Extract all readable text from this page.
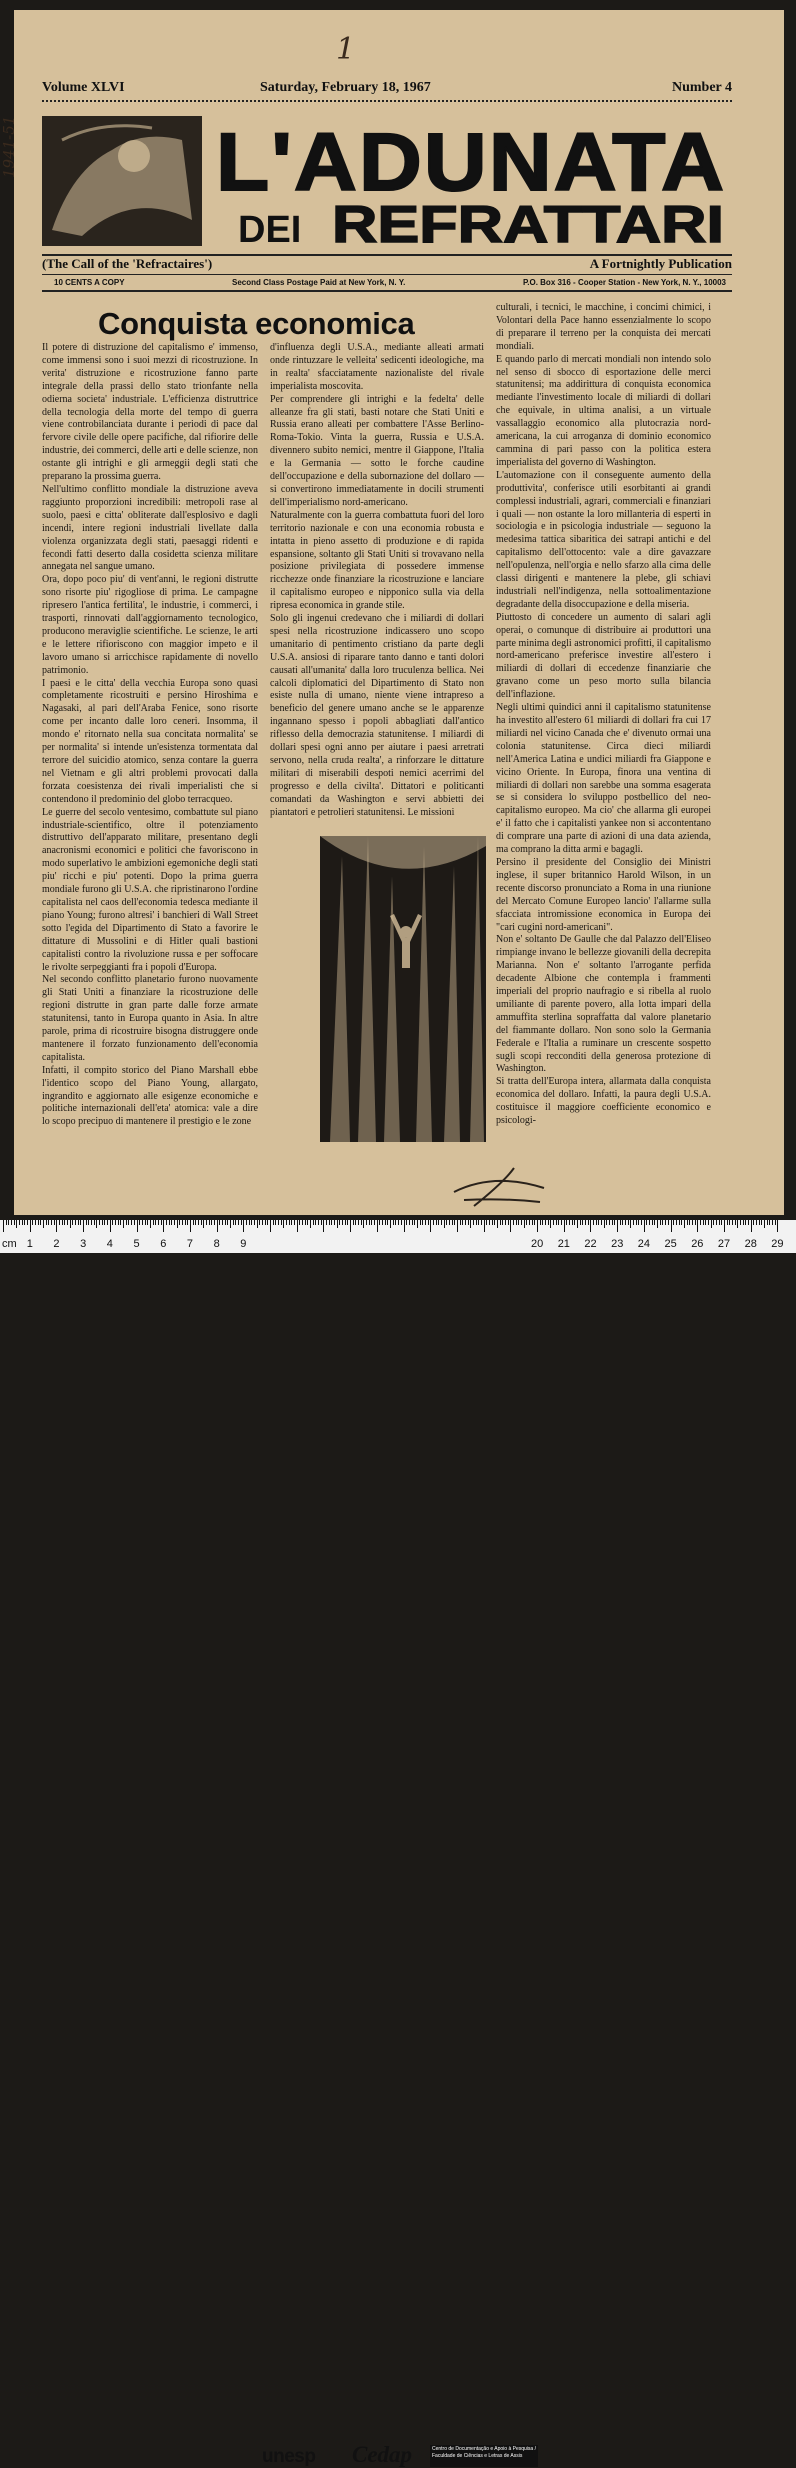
1
1941-51
Volume XLVI	Saturday, February 18, 1967	Number 4
L'ADUNATA
DEI REFRATTARI
(The Call of the 'Refractaires')	A Fortnightly Publication
10 CENTS A COPY	Second Class Postage Paid at New York, N. Y.	P.O. Box 316 - Cooper Station - New York, N. Y., 10003
Conquista economica
Il potere di distruzione del capitalismo e' immenso, come immensi sono i suoi mezzi di ricostruzione. In verita' distruzione e ricostruzione fanno parte integrale della prassi dello stato trionfante nella odierna societa' industriale. L'efficienza distruttrice della tecnologia della morte del tempo di guerra viene controbilanciata durante i periodi di pace dal fervore civile delle opere pacifiche, dal rifiorire delle industrie, dei commerci, delle arti e delle scienze, non ostante gli intrighi e gli armeggii degli stati che preparano la prossima guerra.
Nell'ultimo conflitto mondiale la distruzione aveva raggiunto proporzioni incredibili: metropoli rase al suolo, paesi e citta' obliterate dall'esplosivo e dagli incendi, intere regioni industriali livellate dalla violenza organizzata degli stati, paesaggi ridenti e fecondi fatti deserto dalla cosidetta scienza militare annegata nel sangue umano.
Ora, dopo poco piu' di vent'anni, le regioni distrutte sono risorte piu' rigogliose di prima. Le campagne ripresero l'antica fertilita', le industrie, i commerci, i trasporti, rinnovati dall'aggiornamento tecnologico, producono meraviglie scientifiche. Le scienze, le arti e le lettere rifioriscono con maggior impeto e il lavoro umano si arricchisce rapidamente di novello patrimonio.
I paesi e le citta' della vecchia Europa sono quasi completamente ricostruiti e persino Hiroshima e Nagasaki, al pari dell'Araba Fenice, sono risorte come per incanto dalle loro ceneri. Insomma, il mondo e' ritornato nella sua concitata normalita' se per normalita' si intende un'esistenza tormentata dal terrore del suicidio atomico, senza contare la guerra nel Vietnam e gli altri problemi provocati dalla forzata coesistenza dei rivali imperialisti che si contendono il predominio del globo terracqueo.
Le guerre del secolo ventesimo, combattute sul piano industriale-scientifico, oltre il potenziamento distruttivo dell'apparato militare, presentano degli anacronismi economici e politici che favoriscono in modo superlativo le ambizioni egemoniche degli stati piu' ricchi e piu' potenti. Dopo la prima guerra mondiale furono gli U.S.A. che ripristinarono l'ordine capitalista nel caos dell'economia tedesca mediante il piano Young; furono altresi' i banchieri di Wall Street sotto l'egida del Dipartimento di Stato a favorire le dittature di Mussolini e di Hitler quali bastioni capitalisti contro la rivoluzione russa e per soffocare le rivolte serpeggianti fra i popoli d'Europa.
Nel secondo conflitto planetario furono nuovamente gli Stati Uniti a finanziare la ricostruzione delle regioni distrutte in gran parte dalle forze armate statunitensi, tanto in Europa quanto in Asia. In altre parole, prima di ricostruire bisogna distruggere onde mantenere il forzato funzionamento dell'economia capitalista.
Infatti, il compito storico del Piano Marshall ebbe l'identico scopo del Piano Young, allargato, ingrandito e aggiornato alle esigenze economiche e politiche internazionali dell'eta' atomica: vale a dire lo scopo precipuo di mantenere il prestigio e le zone
d'influenza degli U.S.A., mediante alleati armati onde rintuzzare le velleita' sedicenti ideologiche, ma in realta' sfacciatamente nazionaliste del rivale imperialista moscovita.
Per comprendere gli intrighi e la fedelta' delle alleanze fra gli stati, basti notare che Stati Uniti e Russia erano alleati per combattere l'Asse Berlino-Roma-Tokio. Vinta la guerra, Russia e U.S.A. divennero subito nemici, mentre il Giappone, l'Italia e la Germania — sotto le forche caudine dell'occupazione e della subornazione del dollaro — si convertirono immediatamente in docili strumenti dell'imperialismo nord-americano.
Naturalmente con la guerra combattuta fuori del loro territorio nazionale e con una economia robusta e intatta in pieno assetto di produzione e di rapida espansione, soltanto gli Stati Uniti si trovavano nella posizione privilegiata di possedere immense ricchezze onde finanziare la ricostruzione e lanciare il capitalismo europeo e nipponico sulla via della ripresa economica in grande stile.
Solo gli ingenui credevano che i miliardi di dollari spesi nella ricostruzione indicassero uno scopo umanitario di pentimento cristiano da parte degli U.S.A. ansiosi di riparare tanto danno e tanti dolori causati all'umanita' dalla loro truculenza bellica. Nei calcoli diplomatici del Dipartimento di Stato non esiste nulla di umano, niente viene intrapreso a beneficio del genere umano anche se le apparenze ingannano spesso i popoli abbagliati dall'antico riflesso della democrazia statunitense. I miliardi di dollari spesi ogni anno per aiutare i paesi arretrati servono, nella cruda realta', a rinforzare le dittature militari di miserabili despoti nemici acerrimi del progresso e della civilta'. Dittatori e politicanti comandati da Washington e servi abbietti dei piantatori e petrolieri statunitensi. Le missioni
culturali, i tecnici, le macchine, i concimi chimici, i Volontari della Pace hanno essenzialmente lo scopo di preparare il terreno per la conquista dei mercati mondiali.
E quando parlo di mercati mondiali non intendo solo nel senso di sbocco di esportazione delle merci statunitensi; ma addirittura di conquista economica mediante l'investimento locale di miliardi di dollari che equivale, in ultima analisi, a un virtuale vassallaggio economico alla plutocrazia nord-americana, la cui arroganza di dominio economico cammina di pari passo con la politica estera imperialista del governo di Washington.
L'automazione con il conseguente aumento della produttivita', conferisce utili esorbitanti ai grandi complessi industriali, agrari, commerciali e finanziari i quali — non ostante la loro millanteria di esperti in sociologia e in psicologia industriale — seguono la medesima tattica sibaritica dei satrapi antichi e del capitalismo dell'ottocento: vale a dire gavazzare nell'opulenza, nell'orgia e nello sfarzo alla cima delle classi dirigenti e mantenere la plebe, gli schiavi industriali nell'indigenza, nella sottoalimentazione degradante della disoccupazione e della miseria.
Piuttosto di concedere un aumento di salari agli operai, o comunque di distribuire ai produttori una parte minima degli astronomici profitti, il capitalismo nord-americano preferisce investire all'estero i miliardi di dollari di eccedenze finanziarie che gravano come un peso morto sulla bilancia dell'inflazione.
Negli ultimi quindici anni il capitalismo statunitense ha investito all'estero 61 miliardi di dollari fra cui 17 miliardi nel vicino Canada che e' divenuto ormai una colonia statunitense. Circa dieci miliardi nell'America Latina e undici miliardi fra Giappone e vicino Oriente. In Europa, finora una ventina di miliardi di dollari non sarebbe una somma esagerata se si considera lo sviluppo postbellico del neo-capitalismo europeo. Ma cio' che allarma gli europei e' il fatto che i capitalisti yankee non si accontentano di comprare una parte di azioni di una data azienda, ma comprano la ditta armi e bagagli.
Persino il presidente del Consiglio dei Ministri inglese, il super britannico Harold Wilson, in un recente discorso pronunciato a Roma in una riunione del Mercato Comune Europeo lancio' l'allarme sulla sfacciata intromissione economica in Europa dei "cari cugini nord-americani".
Non e' soltanto De Gaulle che dal Palazzo dell'Eliseo rimpiange invano le bellezze giovanili della decrepita Marianna. Non e' soltanto l'arrogante perfida decadente Albione che contempla i frammenti imperiali del proprio naufragio e si ribella al ruolo umiliante di parente povero, alla lotta impari della ammuffita sterlina sopraffatta dal valore planetario del fiammante dollaro. Non sono solo la Germania Federale e l'Italia a ruminare un crescente sospetto sugli scopi recconditi della generosa protezione di Washington.
Si tratta dell'Europa intera, allarmata dalla conquista economica del dollaro. Infatti, la paura degli U.S.A. costituisce il maggiore coefficiente economico e psicologi-
cm
unesp Cedap	Centro de Documentação e Apoio à Pesquisa / Faculdade de Ciências e Letras de Assis
1 2 3 4 5 6 7 8 9	20 21 22 23 24 25 26 27 28 29
